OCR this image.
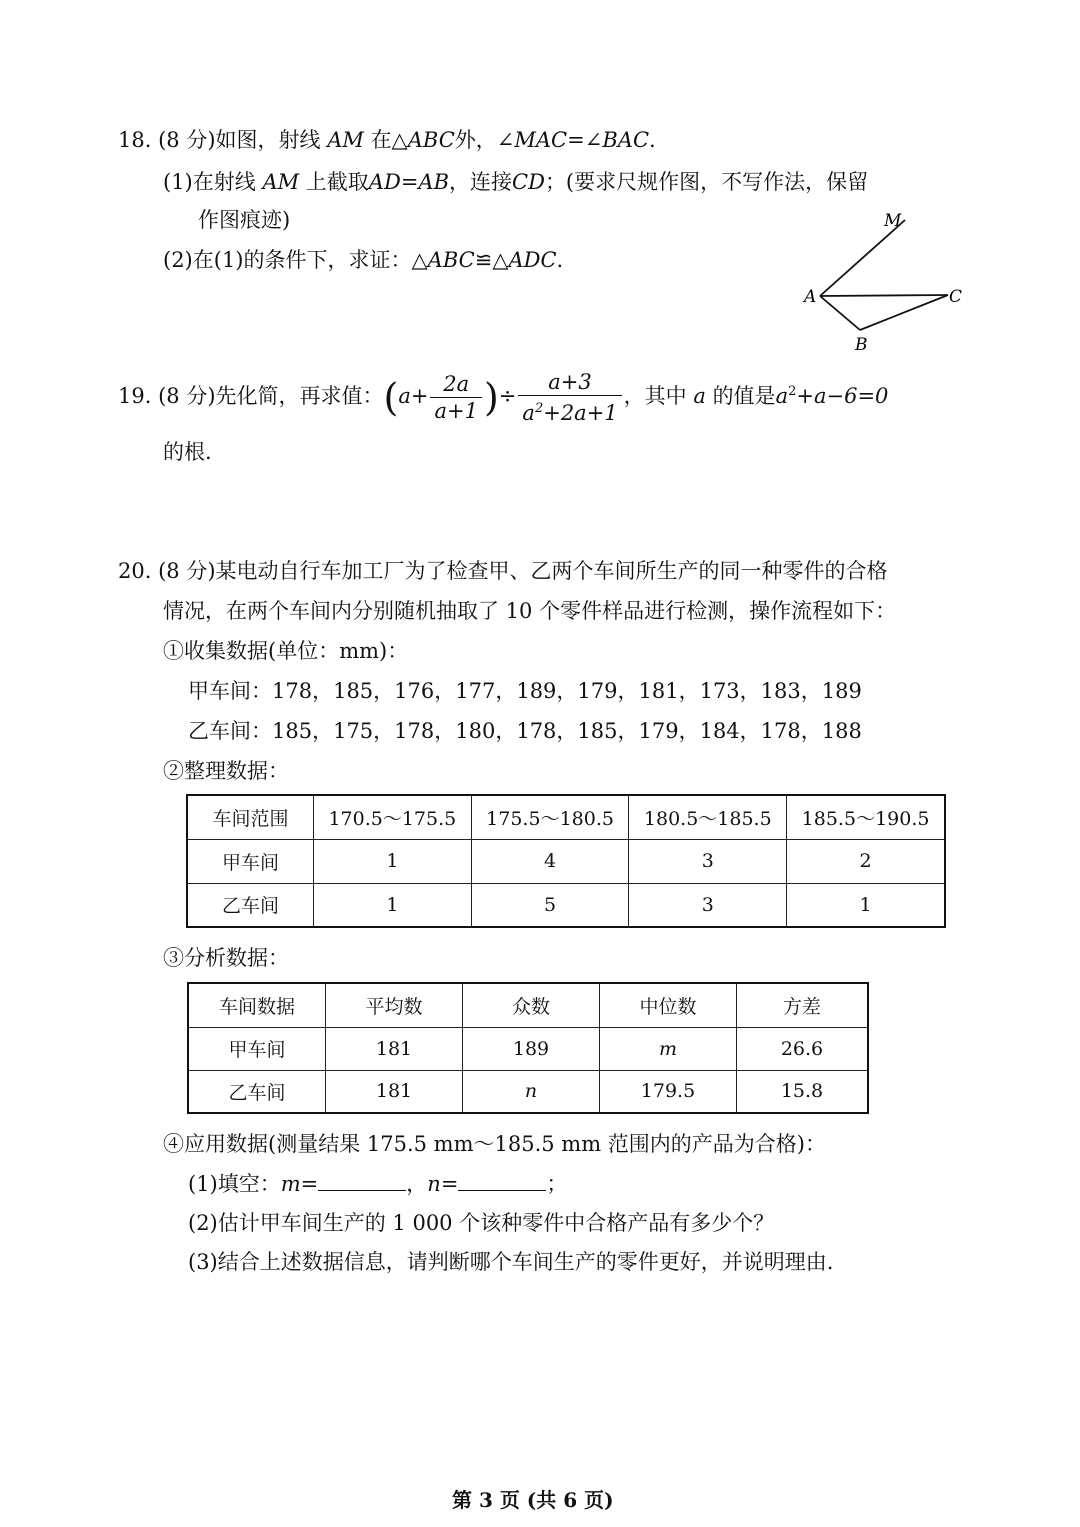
18. (8 分)如图，射线 AM 在△ABC外，∠MAC=∠BAC.
(1)在射线 AM 上截取AD=AB，连接CD；(要求尺规作图，不写作法，保留
作图痕迹)
(2)在(1)的条件下，求证：△ABC≌△ADC.
M
A	C
B
19. (8 分)先化简，再求值：($a+ \frac{2a}{a+1}$ )÷ $\frac{a+3}{a^2+2a+1}$ ，其中 a 的值是$a^2+a-6=0$
的根.
20. (8 分)某电动自行车加工厂为了检查甲、乙两个车间所生产的同一种零件的合格
情况，在两个车间内分别随机抽取了 10 个零件样品进行检测，操作流程如下：
①收集数据(单位：mm)：
甲车间：178，185，176，177，189，179，181，173，183，189
乙车间：185，175，178，180，178，185，179，184，178，188
②整理数据：
车间范围	170.5～175.5	175.5～180.5	180.5～185.5	185.5～190.5
甲车间	1	4	3	2
乙车间	1	5	3	1
③分析数据：
车间数据	平均数	众数	中位数	方差
甲车间	181	189	m	26.6
乙车间	181	n	179.5	15.8
④应用数据(测量结果 175.5 mm～185.5 mm 范围内的产品为合格)：
(1)填空：m=	，n=	；
(2)估计甲车间生产的 1 000 个该种零件中合格产品有多少个？
(3)结合上述数据信息，请判断哪个车间生产的零件更好，并说明理由.
第 3 页 (共 6 页)
